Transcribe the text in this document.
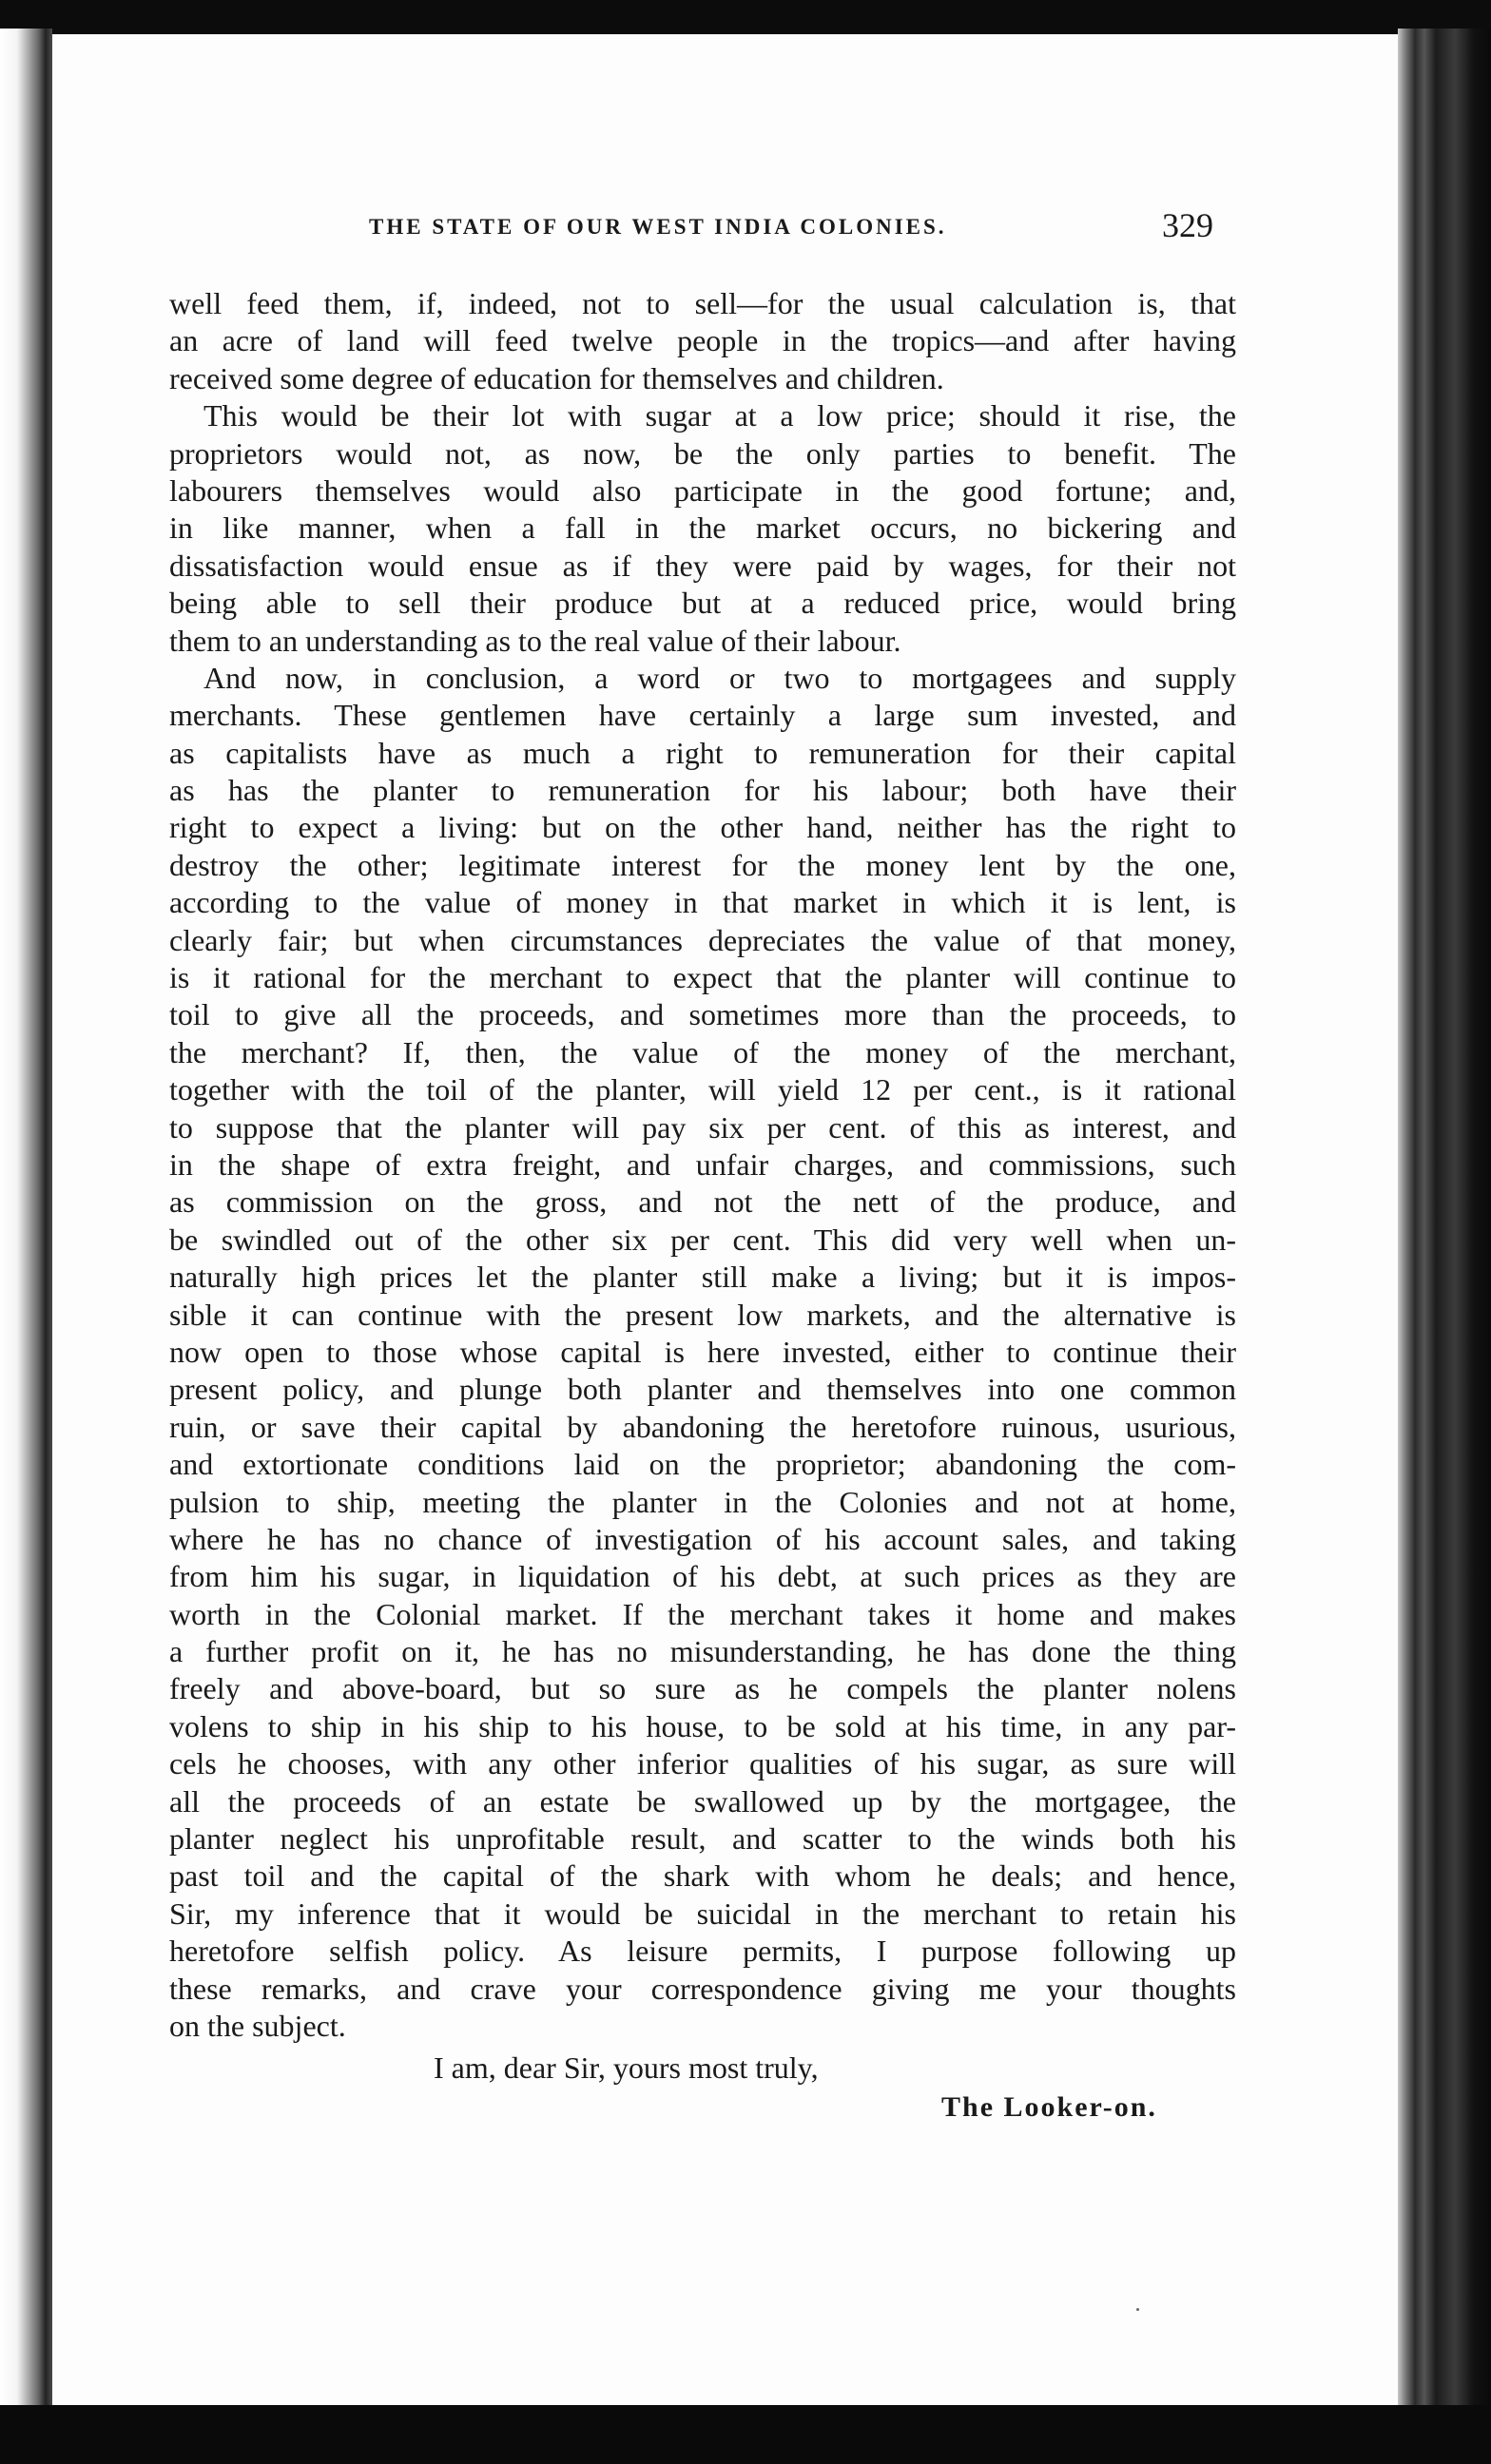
THE STATE OF OUR WEST INDIA COLONIES.	329
well feed them, if, indeed, not to sell—for the usual calculation is, that
an acre of land will feed twelve people in the tropics—and after having
received some degree of education for themselves and children.
This would be their lot with sugar at a low price; should it rise, the
proprietors would not, as now, be the only parties to benefit. The
labourers themselves would also participate in the good fortune; and,
in like manner, when a fall in the market occurs, no bickering and
dissatisfaction would ensue as if they were paid by wages, for their not
being able to sell their produce but at a reduced price, would bring
them to an understanding as to the real value of their labour.
And now, in conclusion, a word or two to mortgagees and supply
merchants. These gentlemen have certainly a large sum invested, and
as capitalists have as much a right to remuneration for their capital
as has the planter to remuneration for his labour; both have their
right to expect a living: but on the other hand, neither has the right to
destroy the other; legitimate interest for the money lent by the one,
according to the value of money in that market in which it is lent, is
clearly fair; but when circumstances depreciates the value of that money,
is it rational for the merchant to expect that the planter will continue to
toil to give all the proceeds, and sometimes more than the proceeds, to
the merchant? If, then, the value of the money of the merchant,
together with the toil of the planter, will yield 12 per cent., is it rational
to suppose that the planter will pay six per cent. of this as interest, and
in the shape of extra freight, and unfair charges, and commissions, such
as commission on the gross, and not the nett of the produce, and
be swindled out of the other six per cent. This did very well when un-
naturally high prices let the planter still make a living; but it is impos-
sible it can continue with the present low markets, and the alternative is
now open to those whose capital is here invested, either to continue their
present policy, and plunge both planter and themselves into one common
ruin, or save their capital by abandoning the heretofore ruinous, usurious,
and extortionate conditions laid on the proprietor; abandoning the com-
pulsion to ship, meeting the planter in the Colonies and not at home,
where he has no chance of investigation of his account sales, and taking
from him his sugar, in liquidation of his debt, at such prices as they are
worth in the Colonial market. If the merchant takes it home and makes
a further profit on it, he has no misunderstanding, he has done the thing
freely and above-board, but so sure as he compels the planter nolens
volens to ship in his ship to his house, to be sold at his time, in any par-
cels he chooses, with any other inferior qualities of his sugar, as sure will
all the proceeds of an estate be swallowed up by the mortgagee, the
planter neglect his unprofitable result, and scatter to the winds both his
past toil and the capital of the shark with whom he deals; and hence,
Sir, my inference that it would be suicidal in the merchant to retain his
heretofore selfish policy. As leisure permits, I purpose following up
these remarks, and crave your correspondence giving me your thoughts
on the subject.
I am, dear Sir, yours most truly,
The Looker-on.
